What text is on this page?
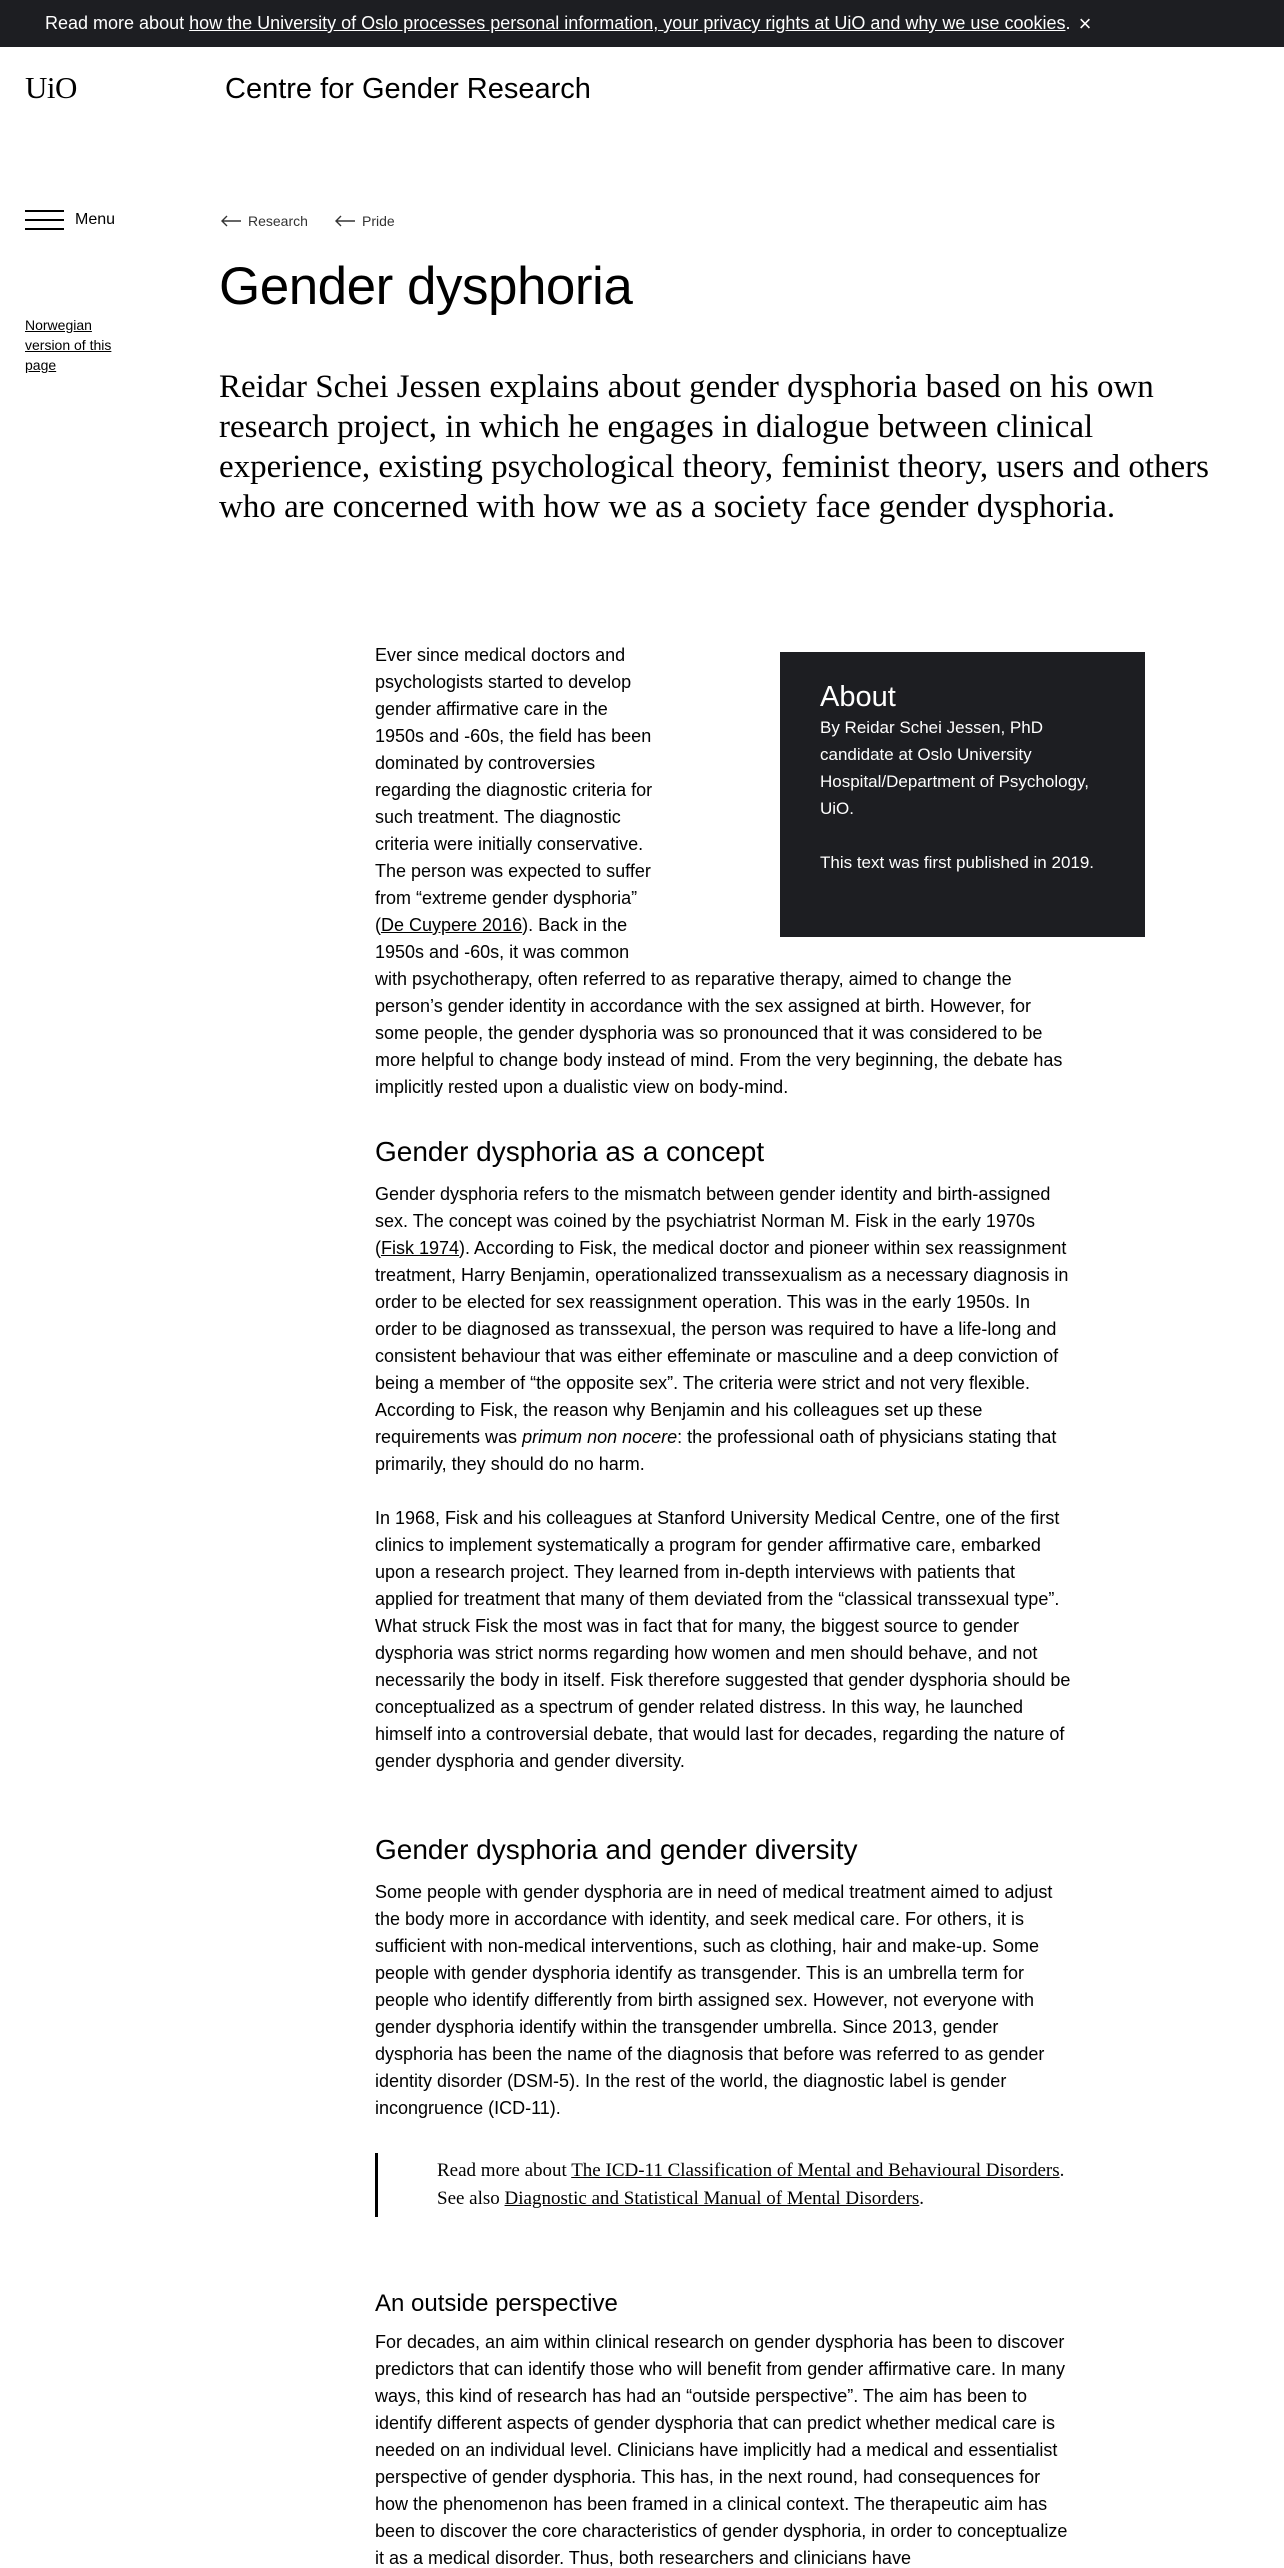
Read more about how the University of Oslo processes personal information, your privacy rights at UiO and why we use cookies. ×
UiO	Centre for Gender Research
Menu
Norwegian version of this page
Research	Pride
Gender dysphoria

Reidar Schei Jessen explains about gender dysphoria based on his own research project, in which he engages in dialogue between clinical experience, existing psychological theory, feminist theory, users and others who are concerned with how we as a society face gender dysphoria.

About

By Reidar Schei Jessen, PhD candidate at Oslo University Hospital/Department of Psychology, UiO.

This text was first published in 2019.

Ever since medical doctors and psychologists started to develop gender affirmative care in the 1950s and -60s, the field has been dominated by controversies regarding the diagnostic criteria for such treatment. The diagnostic criteria were initially conservative. The person was expected to suffer from “extreme gender dysphoria” (De Cuypere 2016). Back in the 1950s and -60s, it was common with psychotherapy, often referred to as reparative therapy, aimed to change the person’s gender identity in accordance with the sex assigned at birth. However, for some people, the gender dysphoria was so pronounced that it was considered to be more helpful to change body instead of mind. From the very beginning, the debate has implicitly rested upon a dualistic view on body-mind.
Gender dysphoria as a concept

Gender dysphoria refers to the mismatch between gender identity and birth-assigned sex. The concept was coined by the psychiatrist Norman M. Fisk in the early 1970s (Fisk 1974). According to Fisk, the medical doctor and pioneer within sex reassignment treatment, Harry Benjamin, operationalized transsexualism as a necessary diagnosis in order to be elected for sex reassignment operation. This was in the early 1950s. In order to be diagnosed as transsexual, the person was required to have a life-long and consistent behaviour that was either effeminate or masculine and a deep conviction of being a member of “the opposite sex”. The criteria were strict and not very flexible. According to Fisk, the reason why Benjamin and his colleagues set up these requirements was primum non nocere: the professional oath of physicians stating that primarily, they should do no harm.

In 1968, Fisk and his colleagues at Stanford University Medical Centre, one of the first clinics to implement systematically a program for gender affirmative care, embarked upon a research project. They learned from in-depth interviews with patients that applied for treatment that many of them deviated from the “classical transsexual type”. What struck Fisk the most was in fact that for many, the biggest source to gender dysphoria was strict norms regarding how women and men should behave, and not necessarily the body in itself. Fisk therefore suggested that gender dysphoria should be conceptualized as a spectrum of gender related distress. In this way, he launched himself into a controversial debate, that would last for decades, regarding the nature of gender dysphoria and gender diversity.

Gender dysphoria and gender diversity

Some people with gender dysphoria are in need of medical treatment aimed to adjust the body more in accordance with identity, and seek medical care. For others, it is sufficient with non-medical interventions, such as clothing, hair and make-up. Some people with gender dysphoria identify as transgender. This is an umbrella term for people who identify differently from birth assigned sex. However, not everyone with gender dysphoria identify within the transgender umbrella. Since 2013, gender dysphoria has been the name of the diagnosis that before was referred to as gender identity disorder (DSM-5). In the rest of the world, the diagnostic label is gender incongruence (ICD-11).

Read more about The ICD-11 Classification of Mental and Behavioural Disorders. See also Diagnostic and Statistical Manual of Mental Disorders.
An outside perspective

For decades, an aim within clinical research on gender dysphoria has been to discover predictors that can identify those who will benefit from gender affirmative care. In many ways, this kind of research has had an “outside perspective”. The aim has been to identify different aspects of gender dysphoria that can predict whether medical care is needed on an individual level. Clinicians have implicitly had a medical and essentialist perspective of gender dysphoria. This has, in the next round, had consequences for how the phenomenon has been framed in a clinical context. The therapeutic aim has been to discover the core characteristics of gender dysphoria, in order to conceptualize it as a medical disorder. Thus, both researchers and clinicians have
